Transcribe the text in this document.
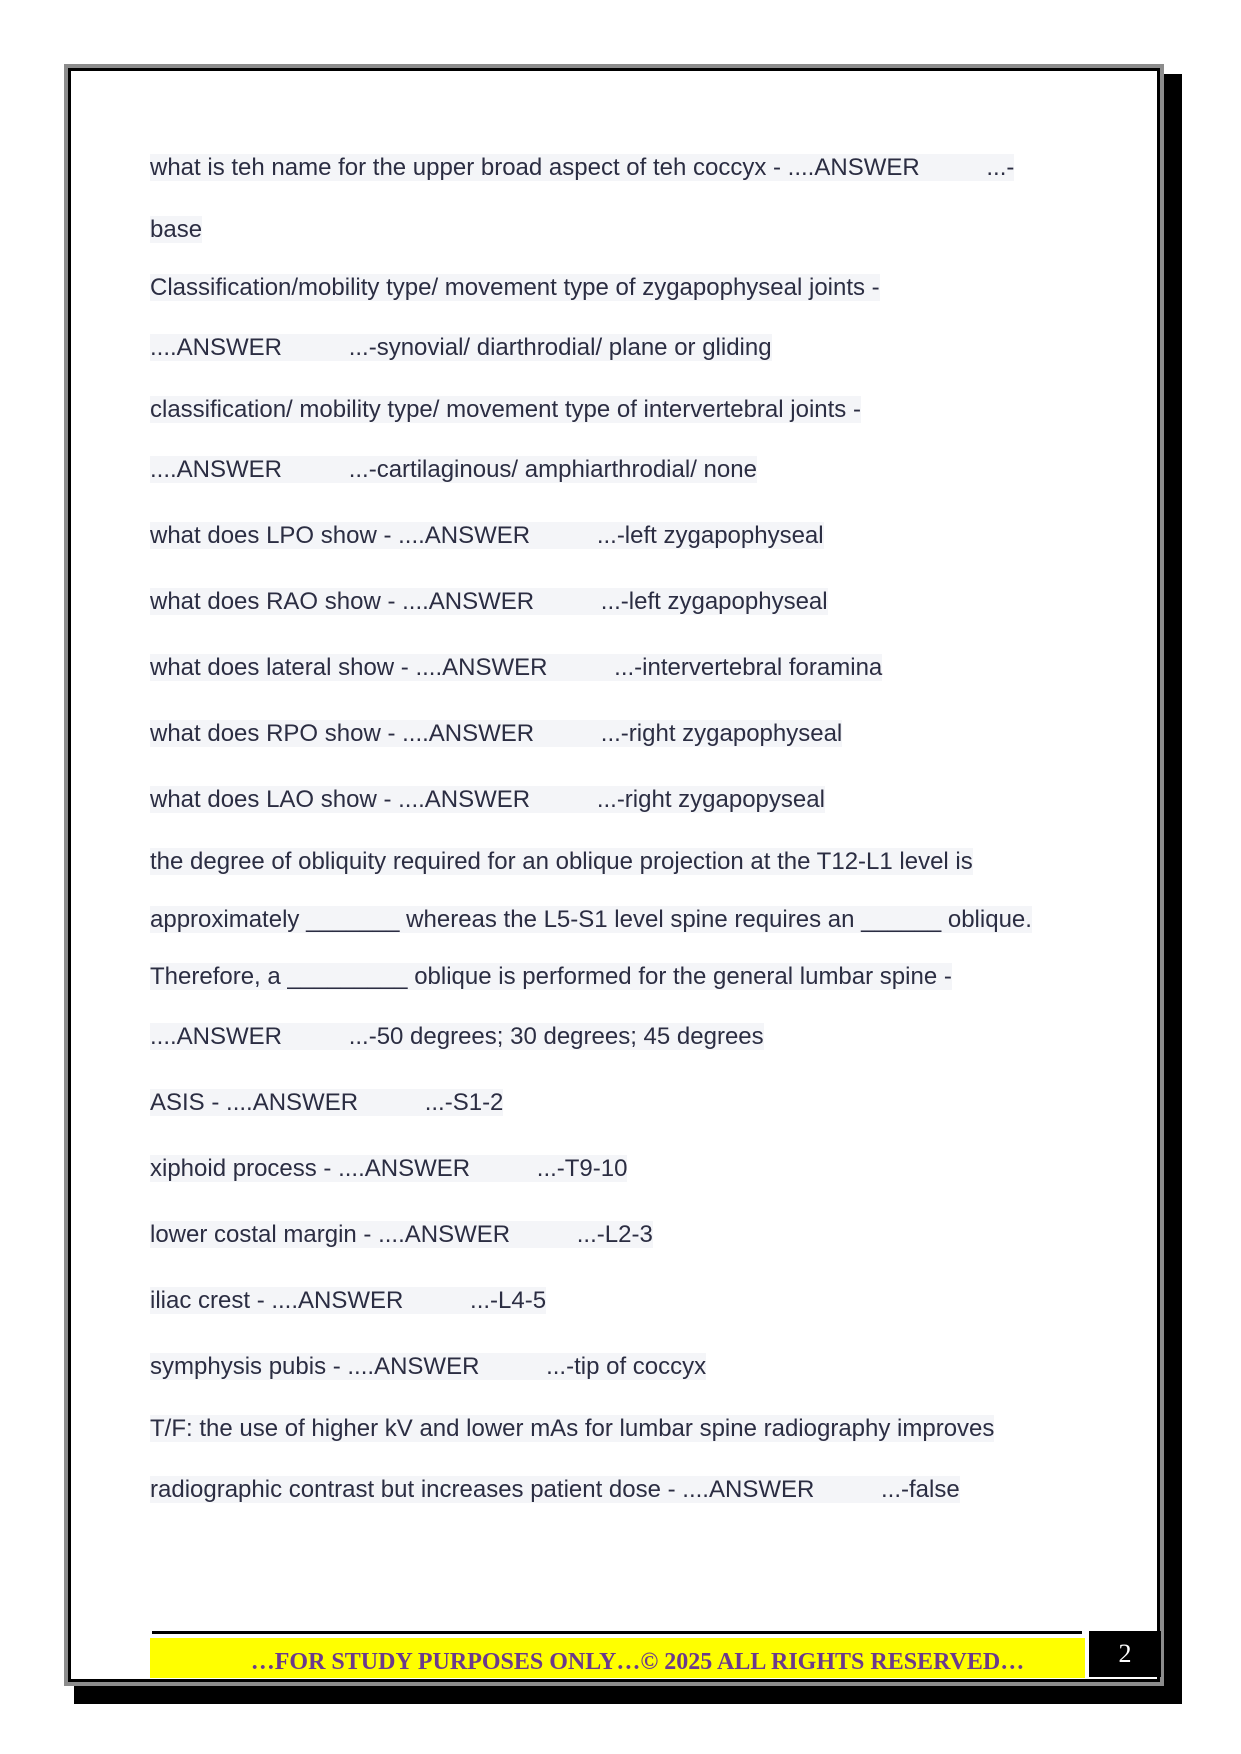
what is teh name for the upper broad aspect of teh coccyx - ....ANSWER          ...-
base
Classification/mobility type/ movement type of zygapophyseal joints -
....ANSWER          ...-synovial/ diarthrodial/ plane or gliding
classification/ mobility type/ movement type of intervertebral joints -
....ANSWER          ...-cartilaginous/ amphiarthrodial/ none
what does LPO show - ....ANSWER          ...-left zygapophyseal
what does RAO show - ....ANSWER          ...-left zygapophyseal
what does lateral show - ....ANSWER          ...-intervertebral foramina
what does RPO show - ....ANSWER          ...-right zygapophyseal
what does LAO show - ....ANSWER          ...-right zygapopyseal
the degree of obliquity required for an oblique projection at the T12-L1 level is
approximately _______ whereas the L5-S1 level spine requires an ______ oblique.
Therefore, a _________ oblique is performed for the general lumbar spine -
....ANSWER          ...-50 degrees; 30 degrees; 45 degrees
ASIS - ....ANSWER          ...-S1-2
xiphoid process - ....ANSWER          ...-T9-10
lower costal margin - ....ANSWER          ...-L2-3
iliac crest - ....ANSWER          ...-L4-5
symphysis pubis - ....ANSWER          ...-tip of coccyx
T/F: the use of higher kV and lower mAs for lumbar spine radiography improves
radiographic contrast but increases patient dose - ....ANSWER          ...-false
…FOR STUDY PURPOSES ONLY…© 2025 ALL RIGHTS RESERVED…	2
